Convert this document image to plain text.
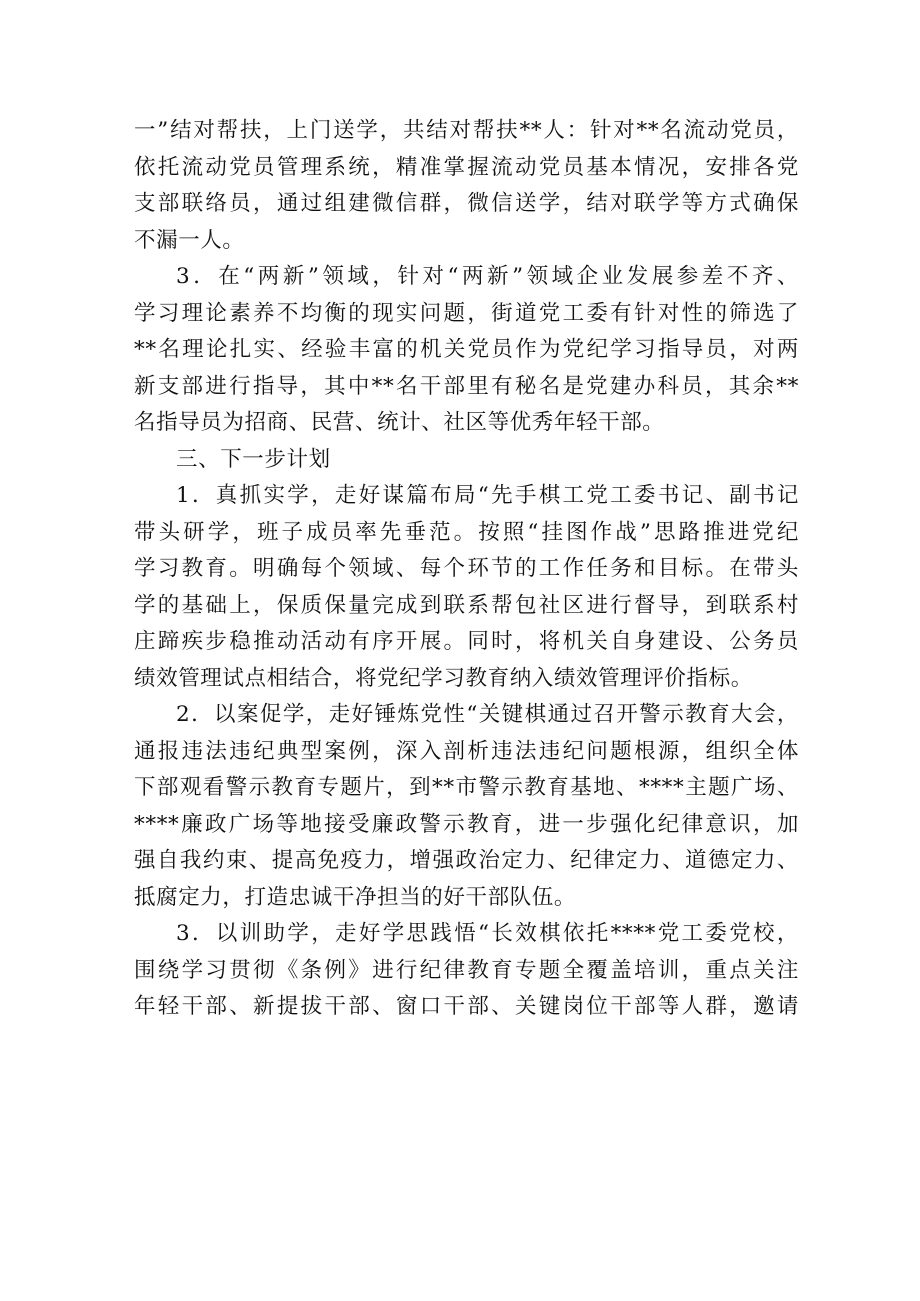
一”结对帮扶，上门送学，共结对帮扶**人：针对**名流动党员，

依托流动党员管理系统，精准掌握流动党员基本情况，安排各党

支部联络员，通过组建微信群，微信送学，结对联学等方式确保

不漏一人。

3．在“两新”领域，针对“两新”领域企业发展参差不齐、

学习理论素养不均衡的现实问题，街道党工委有针对性的筛选了

**名理论扎实、经验丰富的机关党员作为党纪学习指导员，对两

新支部进行指导，其中**名干部里有秘名是党建办科员，其余**

名指导员为招商、民营、统计、社区等优秀年轻干部。

三、下一步计划

1．真抓实学，走好谋篇布局“先手棋工党工委书记、副书记

带头研学，班子成员率先垂范。按照“挂图作战”思路推进党纪

学习教育。明确每个领域、每个环节的工作任务和目标。在带头

学的基础上，保质保量完成到联系帮包社区进行督导，到联系村

庄蹄疾步稳推动活动有序开展。同时，将机关自身建设、公务员

绩效管理试点相结合，将党纪学习教育纳入绩效管理评价指标。

2．以案促学，走好锤炼党性“关键棋通过召开警示教育大会，

通报违法违纪典型案例，深入剖析违法违纪问题根源，组织全体

下部观看警示教育专题片，到**市警示教育基地、****主题广场、

****廉政广场等地接受廉政警示教育，进一步强化纪律意识，加

强自我约束、提高免疫力，增强政治定力、纪律定力、道德定力、

抵腐定力，打造忠诚干净担当的好干部队伍。

3．以训助学，走好学思践悟“长效棋依托****党工委党校，

围绕学习贯彻《条例》进行纪律教育专题全覆盖培训，重点关注

年轻干部、新提拔干部、窗口干部、关键岗位干部等人群，邀请
